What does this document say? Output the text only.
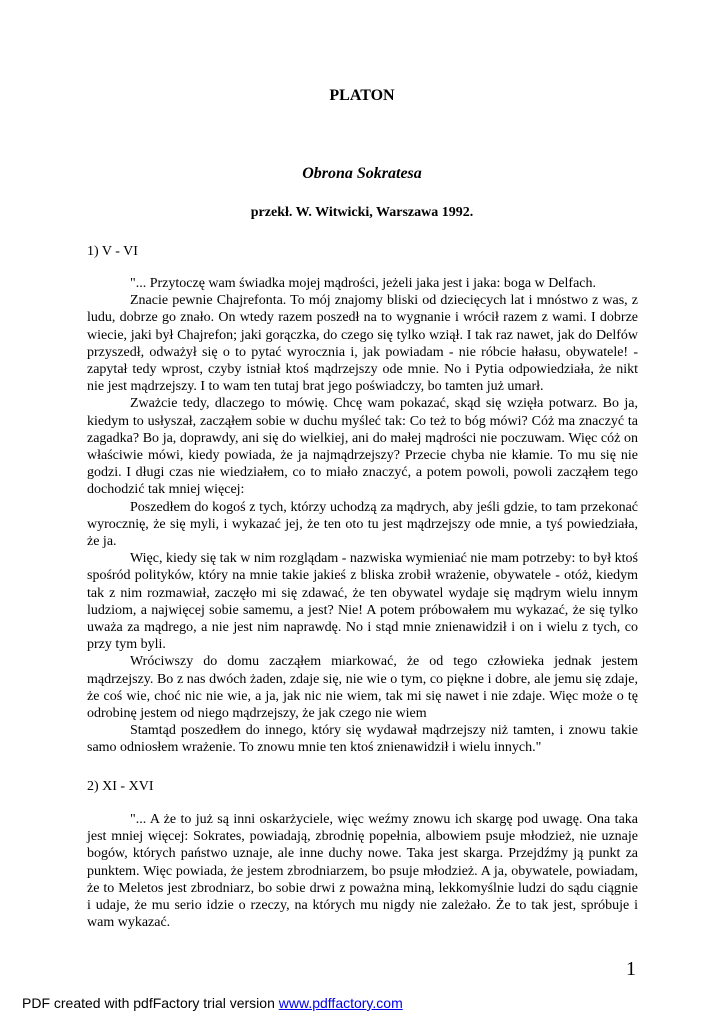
PLATON
Obrona Sokratesa
przekł. W. Witwicki, Warszawa 1992.
1) V - VI

"... Przytoczę wam świadka mojej mądrości, jeżeli jaka jest i jaka: boga w Delfach.

Znacie pewnie Chajrefonta. To mój znajomy bliski od dziecięcych lat i mnóstwo z was, z ludu, dobrze go znało. On wtedy razem poszedł na to wygnanie i wrócił razem z wami. I dobrze wiecie, jaki był Chajrefon; jaki gorączka, do czego się tylko wziął. I tak raz nawet, jak do Delfów przyszedł, odważył się o to pytać wyrocznia i, jak powiadam - nie róbcie hałasu, obywatele! - zapytał tedy wprost, czyby istniał ktoś mądrzejszy ode mnie. No i Pytia odpowiedziała, że nikt nie jest mądrzejszy. I to wam ten tutaj brat jego poświadczy, bo tamten już umarł.

Zważcie tedy, dlaczego to mówię. Chcę wam pokazać, skąd się wzięła potwarz. Bo ja, kiedym to usłyszał, zacząłem sobie w duchu myśleć tak: Co też to bóg mówi? Cóż ma znaczyć ta zagadka? Bo ja, doprawdy, ani się do wielkiej, ani do małej mądrości nie poczuwam. Więc cóż on właściwie mówi, kiedy powiada, że ja najmądrzejszy? Przecie chyba nie kłamie. To mu się nie godzi. I długi czas nie wiedziałem, co to miało znaczyć, a potem powoli, powoli zacząłem tego dochodzić tak mniej więcej:

Poszedłem do kogoś z tych, którzy uchodzą za mądrych, aby jeśli gdzie, to tam przekonać wyrocznię, że się myli, i wykazać jej, że ten oto tu jest mądrzejszy ode mnie, a tyś powiedziała, że ja.

Więc, kiedy się tak w nim rozglądam - nazwiska wymieniać nie mam potrzeby: to był ktoś spośród polityków, który na mnie takie jakieś z bliska zrobił wrażenie, obywatele - otóż, kiedym tak z nim rozmawiał, zaczęło mi się zdawać, że ten obywatel wydaje się mądrym wielu innym ludziom, a najwięcej sobie samemu, a jest? Nie! A potem próbowałem mu wykazać, że się tylko uważa za mądrego, a nie jest nim naprawdę. No i stąd mnie znienawidził i on i wielu z tych, co przy tym byli.

Wróciwszy do domu zacząłem miarkować, że od tego człowieka jednak jestem mądrzejszy. Bo z nas dwóch żaden, zdaje się, nie wie o tym, co piękne i dobre, ale jemu się zdaje, że coś wie, choć nic nie wie, a ja, jak nic nie wiem, tak mi się nawet i nie zdaje. Więc może o tę odrobinę jestem od niego mądrzejszy, że jak czego nie wiem

Stamtąd poszedłem do innego, który się wydawał mądrzejszy niż tamten, i znowu takie samo odniosłem wrażenie. To znowu mnie ten ktoś znienawidził i wielu innych."

2) XI - XVI

"... A że to już są inni oskarżyciele, więc weźmy znowu ich skargę pod uwagę. Ona taka jest mniej więcej: Sokrates, powiadają, zbrodnię popełnia, albowiem psuje młodzież, nie uznaje bogów, których państwo uznaje, ale inne duchy nowe. Taka jest skarga. Przejdźmy ją punkt za punktem. Więc powiada, że jestem zbrodniarzem, bo psuje młodzież. A ja, obywatele, powiadam, że to Meletos jest zbrodniarz, bo sobie drwi z poważna miną, lekkomyślnie ludzi do sądu ciągnie i udaje, że mu serio idzie o rzeczy, na których mu nigdy nie zależało. Że to tak jest, spróbuje i wam wykazać.

1
PDF created with pdfFactory trial version www.pdffactory.com
